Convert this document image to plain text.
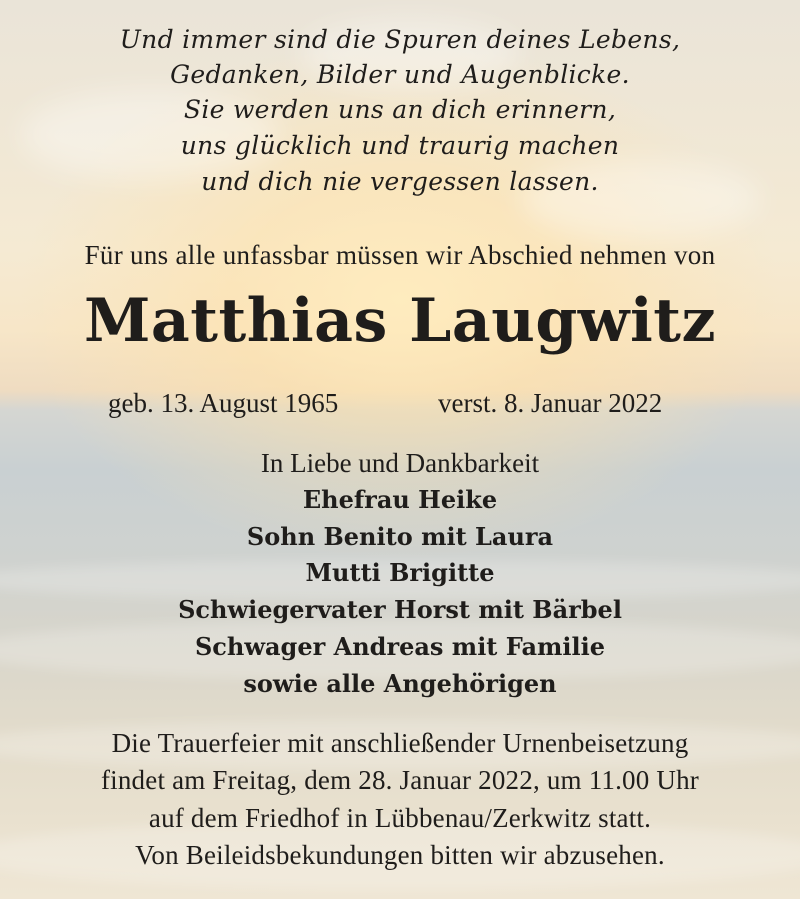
Und immer sind die Spuren deines Lebens,
Gedanken, Bilder und Augenblicke.
Sie werden uns an dich erinnern,
uns glücklich und traurig machen
und dich nie vergessen lassen.
Für uns alle unfassbar müssen wir Abschied nehmen von
Matthias Laugwitz
geb. 13. August 1965	verst. 8. Januar 2022
In Liebe und Dankbarkeit
Ehefrau Heike
Sohn Benito mit Laura
Mutti Brigitte
Schwiegervater Horst mit Bärbel
Schwager Andreas mit Familie
sowie alle Angehörigen
Die Trauerfeier mit anschließender Urnenbeisetzung
findet am Freitag, dem 28. Januar 2022, um 11.00 Uhr
auf dem Friedhof in Lübbenau/Zerkwitz statt.
Von Beileidsbekundungen bitten wir abzusehen.
